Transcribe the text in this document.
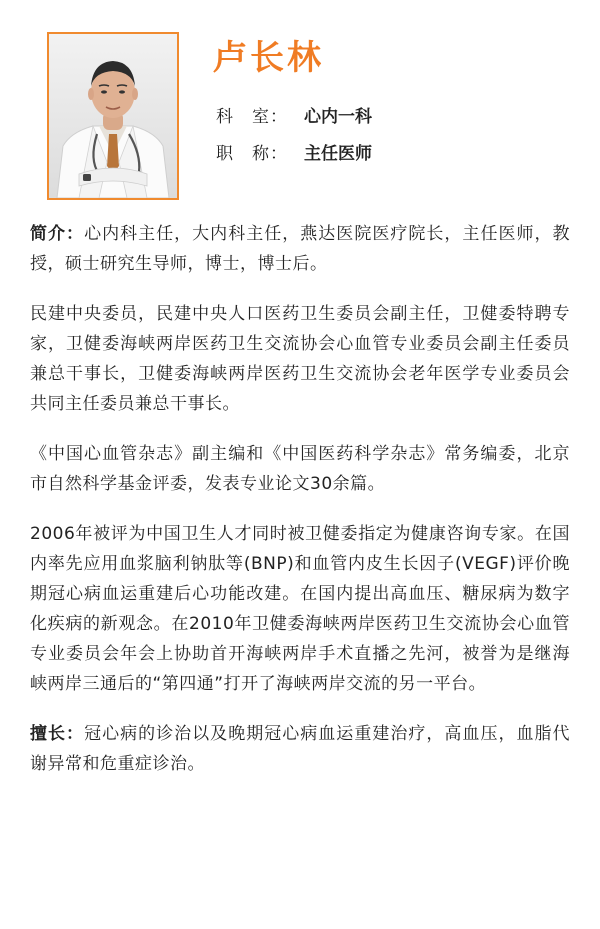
卢长林
科　室： 心内一科
职　称： 主任医师

简介：心内科主任，大内科主任，燕达医院医疗院长，主任医师，教授，硕士研究生导师，博士，博士后。

民建中央委员，民建中央人口医药卫生委员会副主任，卫健委特聘专家，卫健委海峡两岸医药卫生交流协会心血管专业委员会副主任委员兼总干事长，卫健委海峡两岸医药卫生交流协会老年医学专业委员会共同主任委员兼总干事长。

《中国心血管杂志》副主编和《中国医药科学杂志》常务编委，北京市自然科学基金评委，发表专业论文30余篇。

2006年被评为中国卫生人才同时被卫健委指定为健康咨询专家。在国内率先应用血浆脑利钠肽等(BNP)和血管内皮生长因子(VEGF)评价晚期冠心病血运重建后心功能改建。在国内提出高血压、糖尿病为数字化疾病的新观念。在2010年卫健委海峡两岸医药卫生交流协会心血管专业委员会年会上协助首开海峡两岸手术直播之先河，被誉为是继海峡两岸三通后的“第四通”打开了海峡两岸交流的另一平台。

擅长：冠心病的诊治以及晚期冠心病血运重建治疗，高血压，血脂代谢异常和危重症诊治。
